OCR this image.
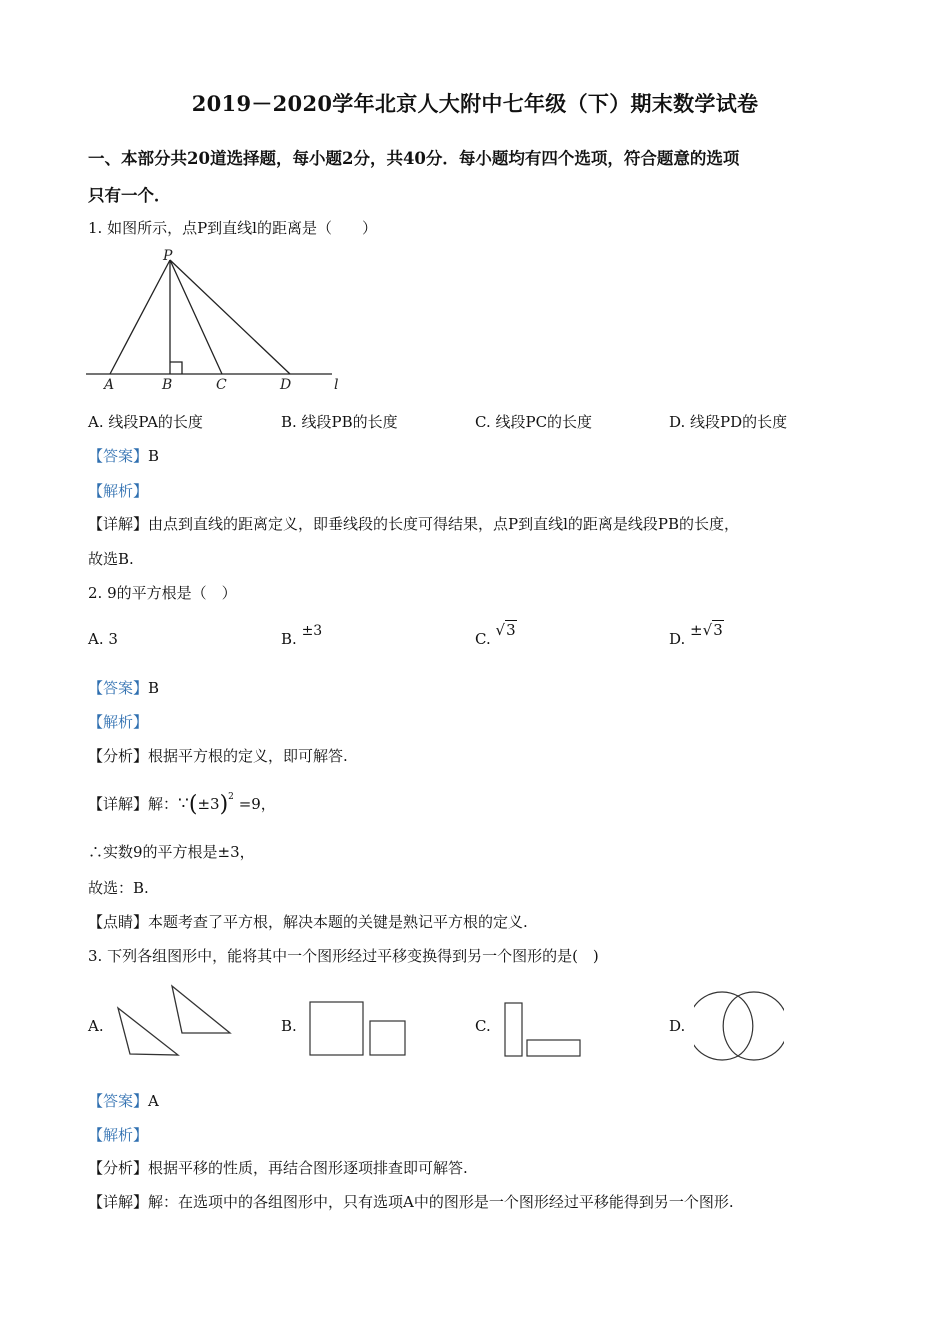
2019－2020学年北京人大附中七年级（下）期末数学试卷
一、本部分共20道选择题，每小题2分，共40分．每小题均有四个选项，符合题意的选项
只有一个．
1. 如图所示，点P到直线l的距离是（　　）
P
A	B	C	D	l
A. 线段PA的长度	B. 线段PB的长度	C. 线段PC的长度	D. 线段PD的长度
【答案】B
【解析】
【详解】由点到直线的距离定义，即垂线段的长度可得结果，点P到直线l的距离是线段PB的长度，
故选B.
2. 9的平方根是（　）
A. 3	B. ±3	C. √3	D. ±√3
【答案】B
【解析】
【分析】根据平方根的定义，即可解答.
【详解】解：$\because(\pm 3)^2 =9$，
∴实数9的平方根是±3，
故选：B.
【点睛】本题考查了平方根，解决本题的关键是熟记平方根的定义.
3. 下列各组图形中，能将其中一个图形经过平移变换得到另一个图形的是(　)
A.	B.	C.	D.
【答案】A
【解析】
【分析】根据平移的性质，再结合图形逐项排查即可解答.
【详解】解：在选项中的各组图形中，只有选项A中的图形是一个图形经过平移能得到另一个图形.
